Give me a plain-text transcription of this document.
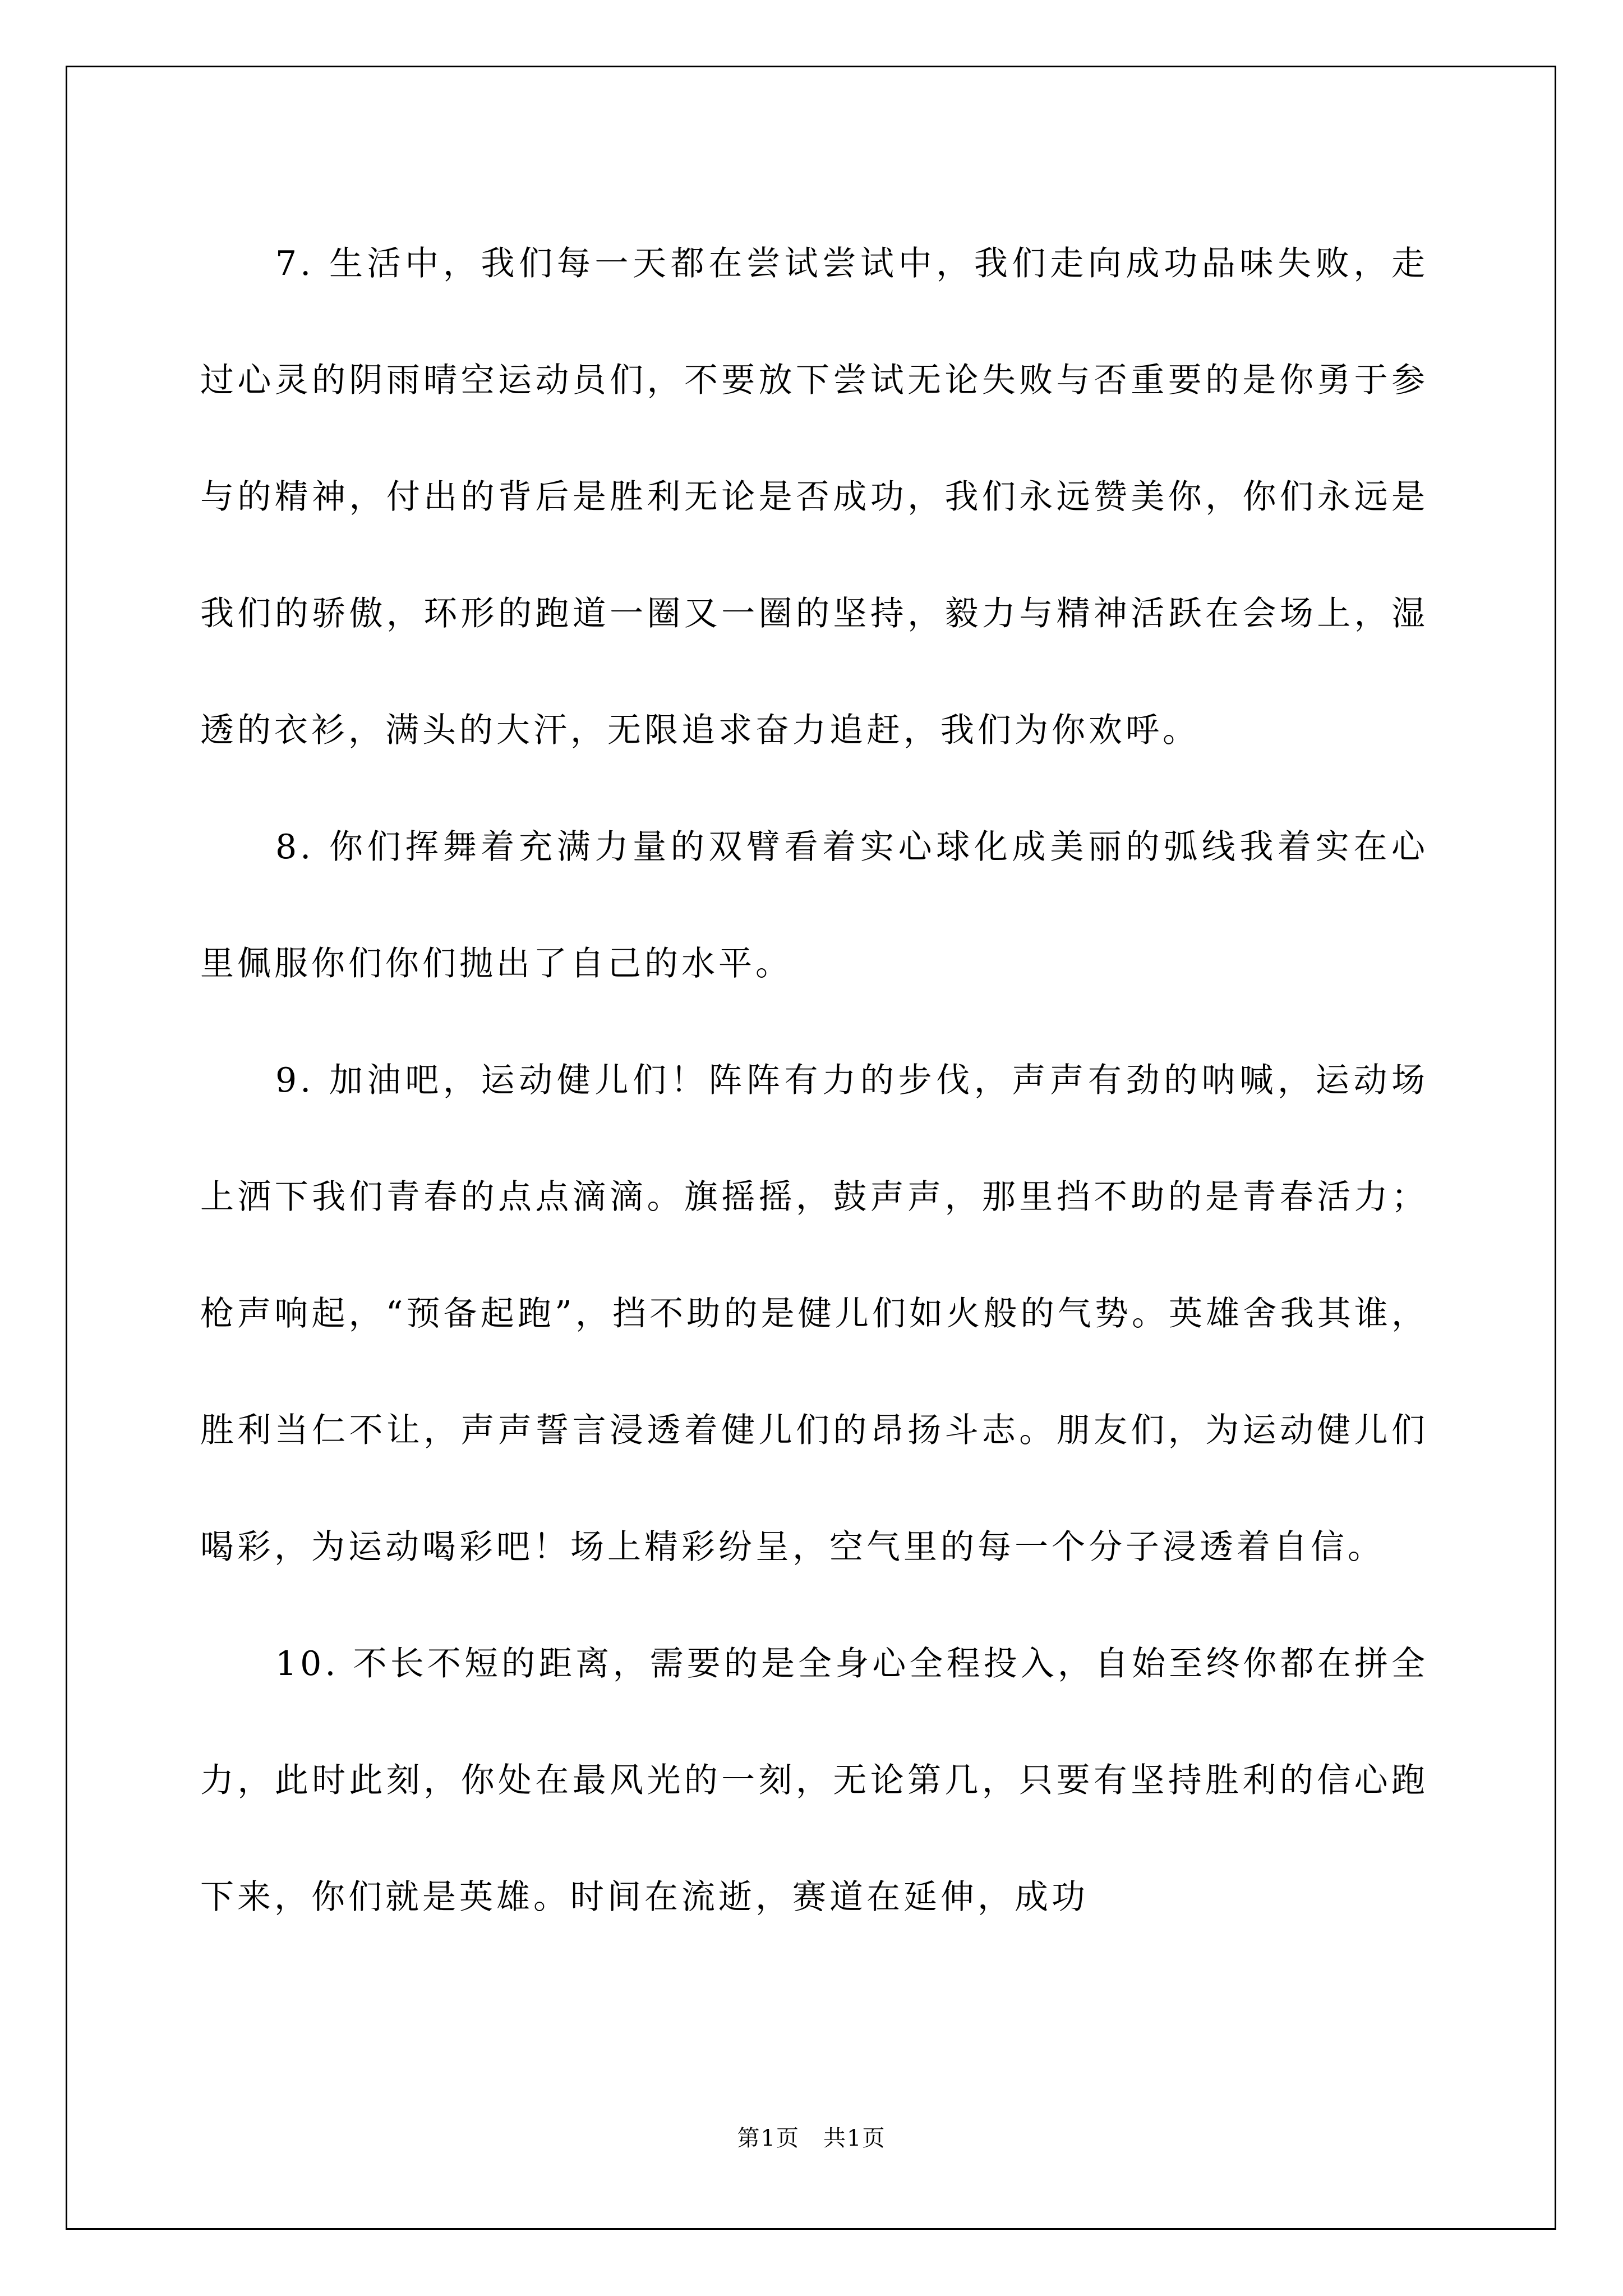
7. 生活中，我们每一天都在尝试尝试中，我们走向成功品味失败，走过心灵的阴雨晴空运动员们，不要放下尝试无论失败与否重要的是你勇于参与的精神，付出的背后是胜利无论是否成功，我们永远赞美你，你们永远是我们的骄傲，环形的跑道一圈又一圈的坚持，毅力与精神活跃在会场上，湿透的衣衫，满头的大汗，无限追求奋力追赶，我们为你欢呼。

8. 你们挥舞着充满力量的双臂看着实心球化成美丽的弧线我着实在心里佩服你们你们抛出了自己的水平。

9. 加油吧，运动健儿们！阵阵有力的步伐，声声有劲的呐喊，运动场上洒下我们青春的点点滴滴。旗摇摇，鼓声声，那里挡不助的是青春活力；枪声响起，“预备起跑”，挡不助的是健儿们如火般的气势。英雄舍我其谁，胜利当仁不让，声声誓言浸透着健儿们的昂扬斗志。朋友们，为运动健儿们喝彩，为运动喝彩吧！场上精彩纷呈，空气里的每一个分子浸透着自信。

10. 不长不短的距离，需要的是全身心全程投入，自始至终你都在拼全力，此时此刻，你处在最风光的一刻，无论第几，只要有坚持胜利的信心跑下来，你们就是英雄。时间在流逝，赛道在延伸，成功

第1页　共1页
